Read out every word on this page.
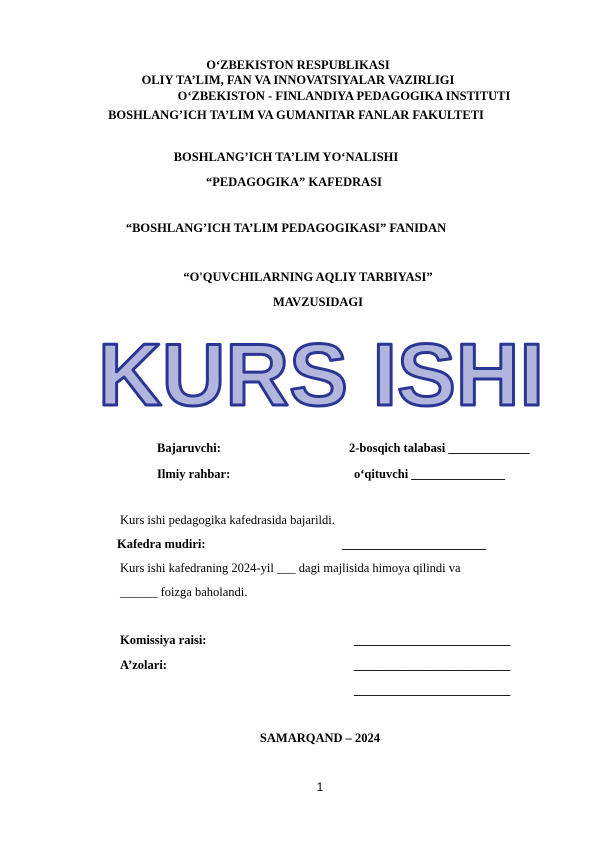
O‘ZBEKISTON RESPUBLIKASI
OLIY TA’LIM, FAN VA INNOVATSIYALAR VAZIRLIGI
O‘ZBEKISTON - FINLANDIYA PEDAGOGIKA INSTITUTI
BOSHLANG’ICH TA’LIM VA GUMANITAR FANLAR FAKULTETI
BOSHLANG’ICH TA’LIM YO‘NALISHI
“PEDAGOGIKA” KAFEDRASI
“BOSHLANG’ICH TA’LIM PEDAGOGIKASI” FANIDAN
“O'QUVCHILARNING AQLIY TARBIYASI”
MAVZUSIDAGI
KURS ISHI
Bajaruvchi:	2-bosqich talabasi _____________
Ilmiy rahbar:	o‘qituvchi _______________
Kurs ishi pedagogika kafedrasida bajarildi.
Kafedra mudiri:	_______________________
Kurs ishi kafedraning 2024-yil ___ dagi majlisida himoya qilindi va
______ foizga baholandi.
Komissiya raisi:	_________________________
A’zolari:	_________________________
_________________________
SAMARQAND – 2024
1
